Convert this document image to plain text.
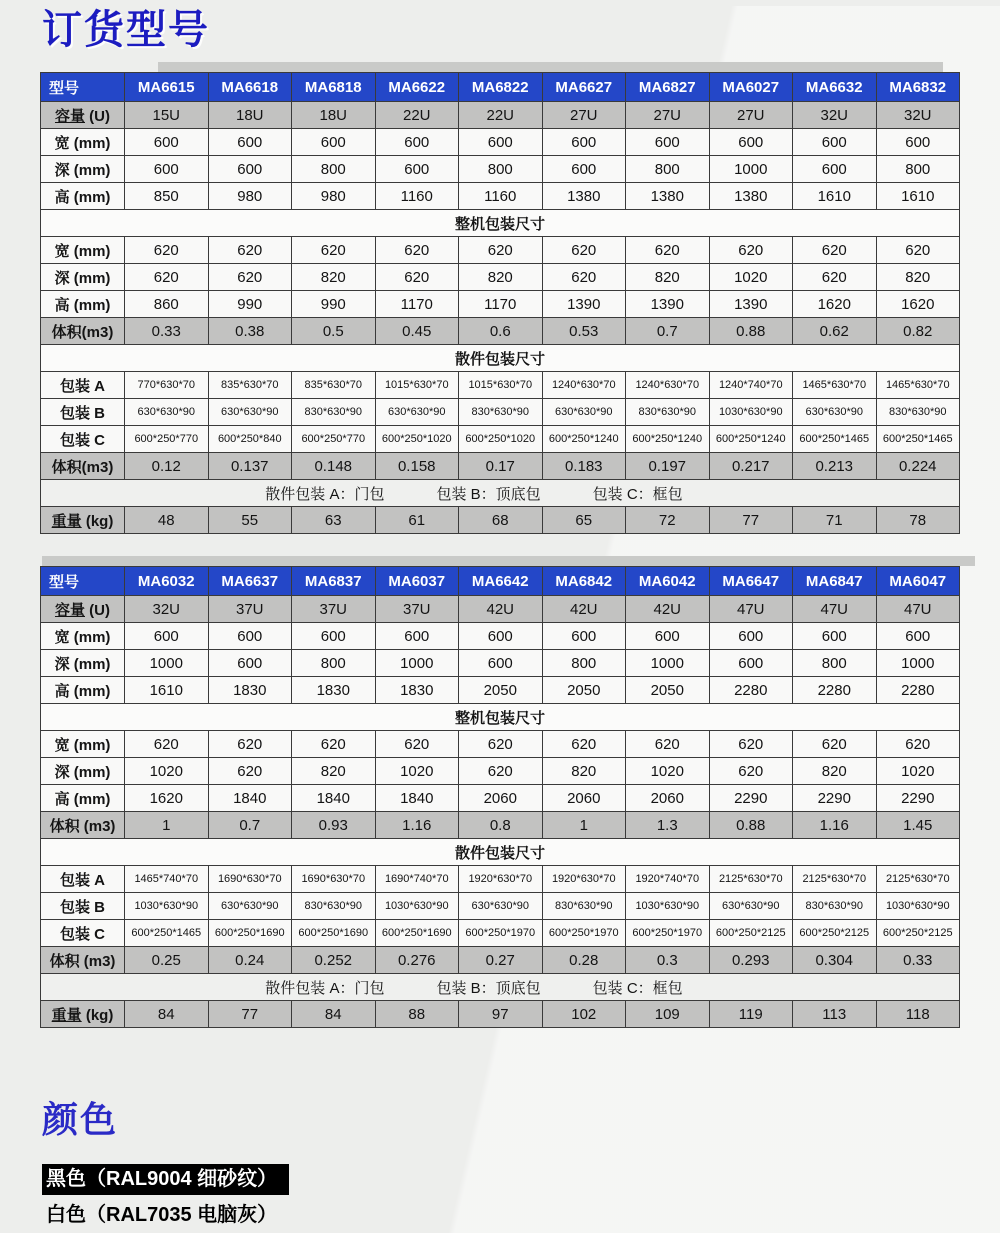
订货型号
型号	MA6615	MA6618	MA6818	MA6622	MA6822	MA6627	MA6827	MA6027	MA6632	MA6832
容量 (U)	15U	18U	18U	22U	22U	27U	27U	27U	32U	32U
宽 (mm)	600	600	600	600	600	600	600	600	600	600
深 (mm)	600	600	800	600	800	600	800	1000	600	800
高 (mm)	850	980	980	1160	1160	1380	1380	1380	1610	1610
整机包装尺寸										
宽 (mm)	620	620	620	620	620	620	620	620	620	620
深 (mm)	620	620	820	620	820	620	820	1020	620	820
高 (mm)	860	990	990	1170	1170	1390	1390	1390	1620	1620
体积(m3)	0.33	0.38	0.5	0.45	0.6	0.53	0.7	0.88	0.62	0.82
散件包装尺寸										
包装 A	770*630*70	835*630*70	835*630*70	1015*630*70	1015*630*70	1240*630*70	1240*630*70	1240*740*70	1465*630*70	1465*630*70
包装 B	630*630*90	630*630*90	830*630*90	630*630*90	830*630*90	630*630*90	830*630*90	1030*630*90	630*630*90	830*630*90
包装 C	600*250*770	600*250*840	600*250*770	600*250*1020	600*250*1020	600*250*1240	600*250*1240	600*250*1240	600*250*1465	600*250*1465
体积(m3)	0.12	0.137	0.148	0.158	0.17	0.183	0.197	0.217	0.213	0.224
散件包装 A：门包 包装 B：顶底包 包装 C：框包										
重量 (kg)	48	55	63	61	68	65	72	77	71	78
型号	MA6032	MA6637	MA6837	MA6037	MA6642	MA6842	MA6042	MA6647	MA6847	MA6047
容量 (U)	32U	37U	37U	37U	42U	42U	42U	47U	47U	47U
宽 (mm)	600	600	600	600	600	600	600	600	600	600
深 (mm)	1000	600	800	1000	600	800	1000	600	800	1000
高 (mm)	1610	1830	1830	1830	2050	2050	2050	2280	2280	2280
整机包装尺寸										
宽 (mm)	620	620	620	620	620	620	620	620	620	620
深 (mm)	1020	620	820	1020	620	820	1020	620	820	1020
高 (mm)	1620	1840	1840	1840	2060	2060	2060	2290	2290	2290
体积 (m3)	1	0.7	0.93	1.16	0.8	1	1.3	0.88	1.16	1.45
散件包装尺寸										
包装 A	1465*740*70	1690*630*70	1690*630*70	1690*740*70	1920*630*70	1920*630*70	1920*740*70	2125*630*70	2125*630*70	2125*630*70
包装 B	1030*630*90	630*630*90	830*630*90	1030*630*90	630*630*90	830*630*90	1030*630*90	630*630*90	830*630*90	1030*630*90
包装 C	600*250*1465	600*250*1690	600*250*1690	600*250*1690	600*250*1970	600*250*1970	600*250*1970	600*250*2125	600*250*2125	600*250*2125
体积 (m3)	0.25	0.24	0.252	0.276	0.27	0.28	0.3	0.293	0.304	0.33
散件包装 A：门包 包装 B：顶底包 包装 C：框包										
重量 (kg)	84	77	84	88	97	102	109	119	113	118
颜色
黑色（RAL9004 细砂纹）
白色（RAL7035 电脑灰）
